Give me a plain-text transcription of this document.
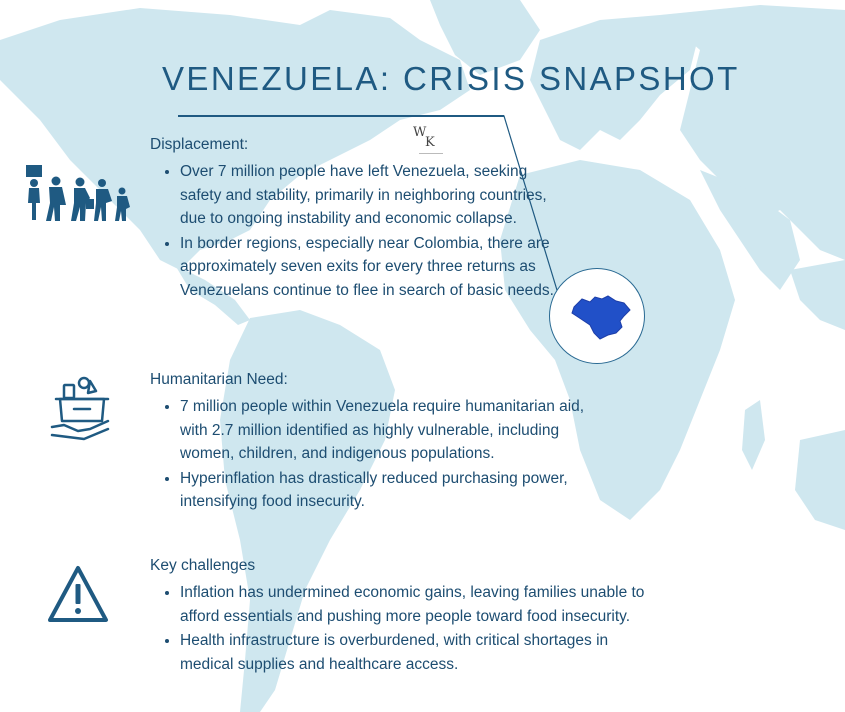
VENEZUELA: CRISIS SNAPSHOT
W
K
Displacement:
• Over 7 million people have left Venezuela, seeking safety and stability, primarily in neighboring countries, due to ongoing instability and economic collapse.
• In border regions, especially near Colombia, there are approximately seven exits for every three returns as Venezuelans continue to flee in search of basic needs.
Humanitarian Need:
• 7 million people within Venezuela require humanitarian aid, with 2.7 million identified as highly vulnerable, including women, children, and indigenous populations.
• Hyperinflation has drastically reduced purchasing power, intensifying food insecurity.
Key challenges
• Inflation has undermined economic gains, leaving families unable to afford essentials and pushing more people toward food insecurity.
• Health infrastructure is overburdened, with critical shortages in medical supplies and healthcare access.
